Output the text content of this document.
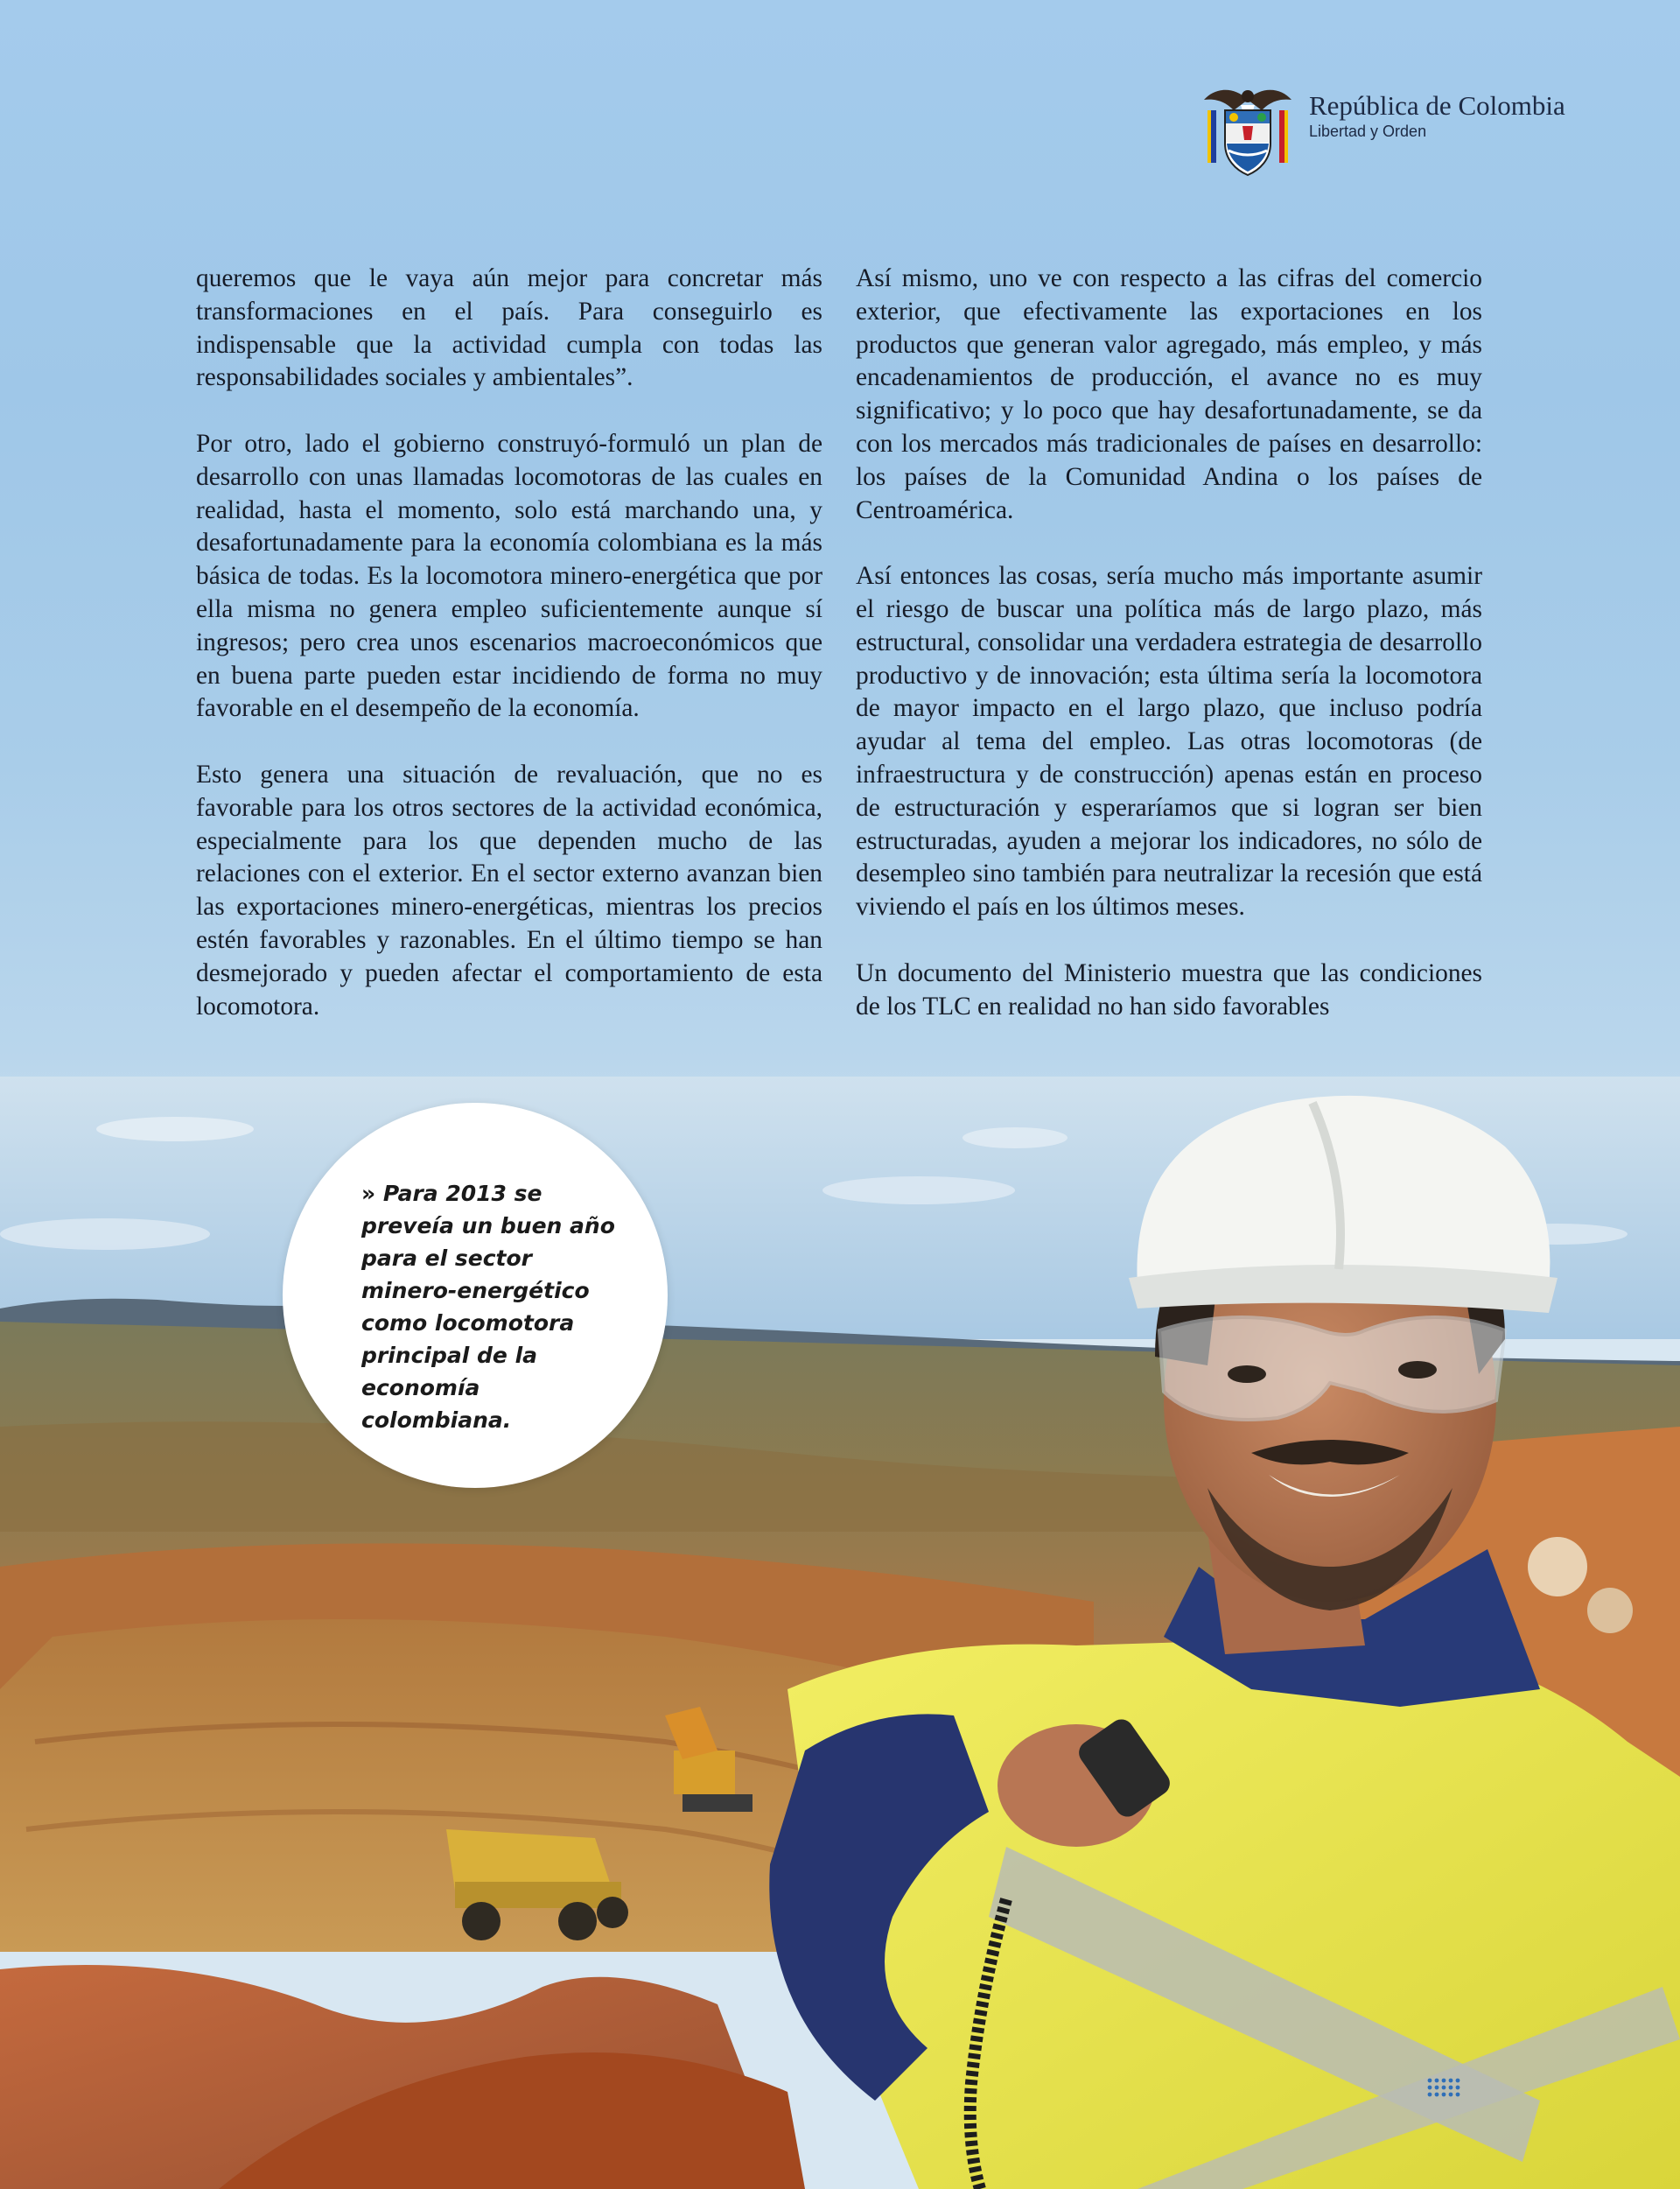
República de Colombia
Libertad y Orden

queremos que le vaya aún mejor para concretar más transformaciones en el país. Para conseguirlo es indispensable que la actividad cumpla con todas las responsabilidades sociales y ambientales”.

Por otro, lado el gobierno construyó-formuló un plan de desarrollo con unas llamadas locomotoras de las cuales en realidad, hasta el momento, solo está marchando una, y desafortunadamente para la economía colombiana es la más básica de todas. Es la locomotora minero-energética que por ella misma no genera empleo suficientemente aunque sí ingresos; pero crea unos escenarios macroeconómicos que en buena parte pueden estar incidiendo de forma no muy favorable en el desempeño de la economía.

Esto genera una situación de revaluación, que no es favorable para los otros sectores de la actividad económica, especialmente para los que dependen mucho de las relaciones con el exterior. En el sector externo avanzan bien las exportaciones minero-energéticas, mientras los precios estén favorables y razonables. En el último tiempo se han desmejorado y pueden afectar el comportamiento de esta locomotora.

Así mismo, uno ve con respecto a las cifras del comercio exterior, que efectivamente las exportaciones en los productos que generan valor agregado, más empleo, y más encadenamientos de producción, el avance no es muy significativo; y lo poco que hay desafortunadamente, se da con los mercados más tradicionales de países en desarrollo: los países de la Comunidad Andina o los países de Centroamérica.

Así entonces las cosas, sería mucho más importante asumir el riesgo de buscar una política más de largo plazo, más estructural, consolidar una verdadera estrategia de desarrollo productivo y de innovación; esta última sería la locomotora de mayor impacto en el largo plazo, que incluso podría ayudar al tema del empleo. Las otras locomotoras (de infraestructura y de construcción) apenas están en proceso de estructuración y esperaríamos que si logran ser bien estructuradas, ayuden a mejorar los indicadores, no sólo de desempleo sino también para neutralizar la recesión que está viviendo el país en los últimos meses.

Un documento del Ministerio muestra que las condiciones de los TLC en realidad no han sido favorables

» Para 2013 se preveía un buen año para el sector minero-energético como locomotora principal de la economía colombiana.
